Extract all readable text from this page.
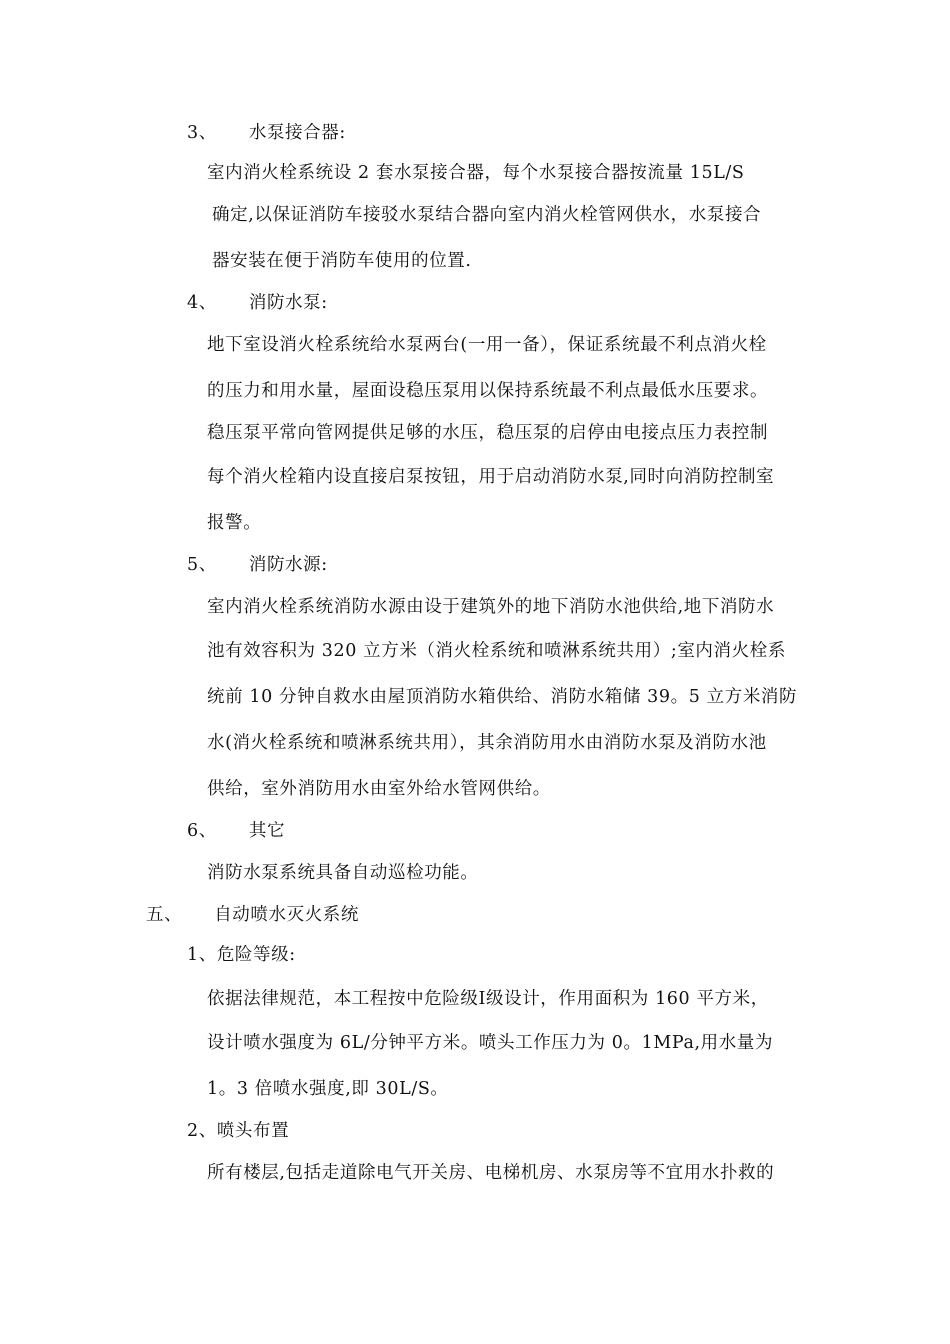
3、 水泵接合器:
室内消火栓系统设 2 套水泵接合器，每个水泵接合器按流量 15L/S
确定,以保证消防车接驳水泵结合器向室内消火栓管网供水，水泵接合
器安装在便于消防车使用的位置.
4、 消防水泵:
地下室设消火栓系统给水泵两台(一用一备），保证系统最不利点消火栓
的压力和用水量，屋面设稳压泵用以保持系统最不利点最低水压要求。
稳压泵平常向管网提供足够的水压，稳压泵的启停由电接点压力表控制
每个消火栓箱内设直接启泵按钮，用于启动消防水泵,同时向消防控制室
报警。
5、 消防水源:
室内消火栓系统消防水源由设于建筑外的地下消防水池供给,地下消防水
池有效容积为 320 立方米（消火栓系统和喷淋系统共用）;室内消火栓系
统前 10 分钟自救水由屋顶消防水箱供给、消防水箱储 39。5 立方米消防
水(消火栓系统和喷淋系统共用），其余消防用水由消防水泵及消防水池
供给，室外消防用水由室外给水管网供给。
6、 其它
消防水泵系统具备自动巡检功能。
五、 自动喷水灭火系统
1、危险等级:
依据法律规范，本工程按中危险级Ⅰ级设计，作用面积为 160 平方米，
设计喷水强度为 6L/分钟平方米。喷头工作压力为 0。1MPa,用水量为
1。3 倍喷水强度,即 30L/S。
2、喷头布置
所有楼层,包括走道除电气开关房、电梯机房、水泵房等不宜用水扑救的
